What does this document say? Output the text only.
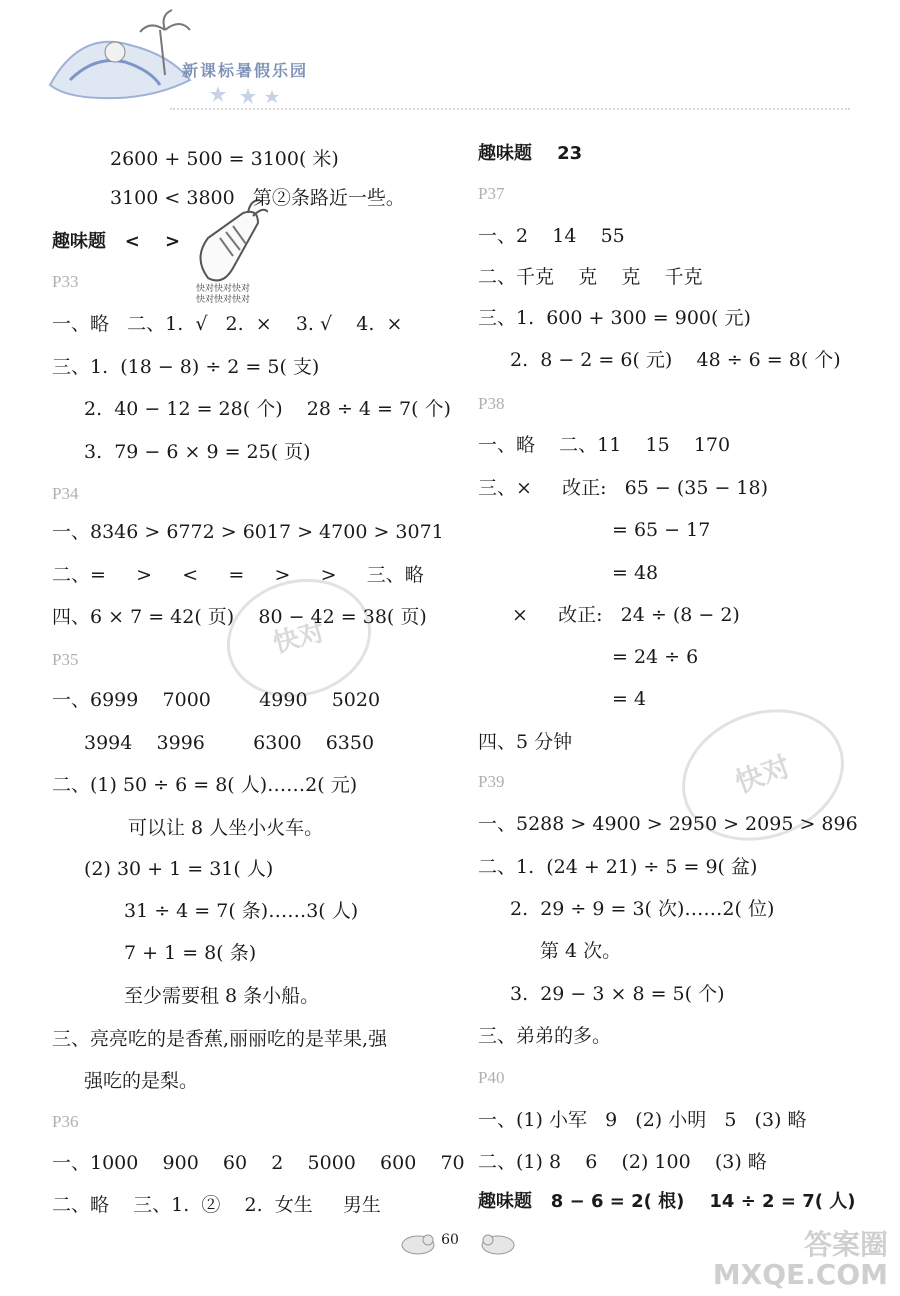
新课标暑假乐园
快对快对快对
快对快对快对
快对
快对
2600 + 500 = 3100( 米)
3100 < 3800   第②条路近一些。
趣味题   <    >
P33
一、略   二、1.  √   2.  ×    3. √    4.  ×
三、1.  (18 − 8) ÷ 2 = 5( 支)
2.  40 − 12 = 28( 个)    28 ÷ 4 = 7( 个)
3.  79 − 6 × 9 = 25( 页)
P34
一、8346 > 6772 > 6017 > 4700 > 3071
二、=     >     <     =     >     >     三、略
四、6 × 7 = 42( 页)    80 − 42 = 38( 页)
P35
一、6999    7000        4990    5020
3994    3996        6300    6350
二、(1) 50 ÷ 6 = 8( 人)……2( 元)
可以让 8 人坐小火车。
(2) 30 + 1 = 31( 人)
31 ÷ 4 = 7( 条)……3( 人)
7 + 1 = 8( 条)
至少需要租 8 条小船。
三、亮亮吃的是香蕉,丽丽吃的是苹果,强
强吃的是梨。
P36
一、1000    900    60    2    5000    600    70
二、略    三、1.  ②    2.  女生     男生
趣味题    23
P37
一、2    14    55
二、千克    克    克    千克
三、1.  600 + 300 = 900( 元)
2.  8 − 2 = 6( 元)    48 ÷ 6 = 8( 个)
P38
一、略    二、11    15    170
三、×     改正:   65 − (35 − 18)
= 65 − 17
= 48
×     改正:   24 ÷ (8 − 2)
= 24 ÷ 6
= 4
四、5 分钟
P39
一、5288 > 4900 > 2950 > 2095 > 896
二、1.  (24 + 21) ÷ 5 = 9( 盆)
2.  29 ÷ 9 = 3( 次)……2( 位)
第 4 次。
3.  29 − 3 × 8 = 5( 个)
三、弟弟的多。
P40
一、(1) 小军   9   (2) 小明   5   (3) 略
二、(1) 8    6    (2) 100    (3) 略
趣味题   8 − 6 = 2( 根)    14 ÷ 2 = 7( 人)
60	答案圈
MXQE.COM
